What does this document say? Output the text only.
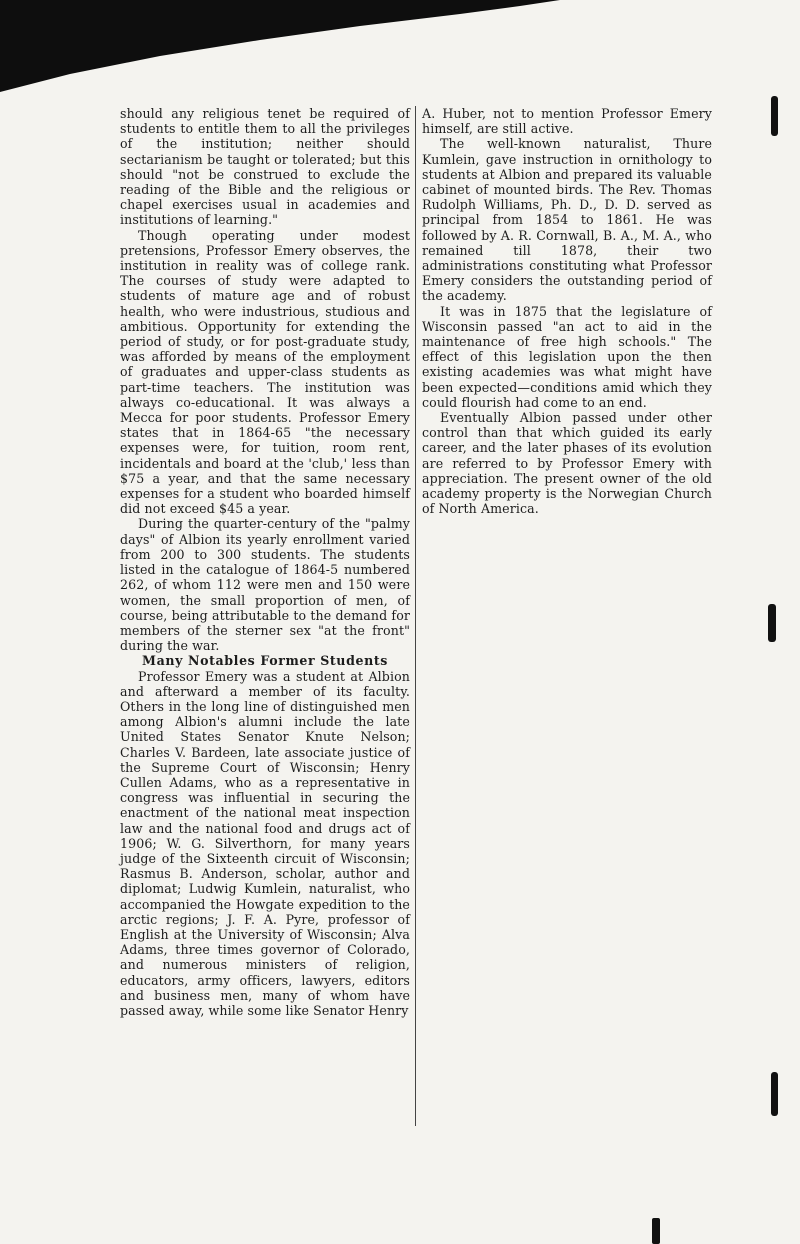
should any religious tenet be required of students to entitle them to all the privileges of the institution; neither should sectarianism be taught or tolerated; but this should "not be construed to exclude the reading of the Bible and the religious or chapel exercises usual in academies and institutions of learning."

Though operating under modest pretensions, Professor Emery observes, the institution in reality was of college rank. The courses of study were adapted to students of mature age and of robust health, who were industrious, studious and ambitious. Opportunity for extending the period of study, or for post-graduate study, was afforded by means of the employment of graduates and upper-class students as part-time teachers. The institution was always co-educational. It was always a Mecca for poor students. Professor Emery states that in 1864-65 "the necessary expenses were, for tuition, room rent, incidentals and board at the 'club,' less than $75 a year, and that the same necessary expenses for a student who boarded himself did not exceed $45 a year.

During the quarter-century of the "palmy days" of Albion its yearly enrollment varied from 200 to 300 students. The students listed in the catalogue of 1864-5 numbered 262, of whom 112 were men and 150 were women, the small proportion of men, of course, being attributable to the demand for members of the sterner sex "at the front" during the war.

Many Notables Former Students

Professor Emery was a student at Albion and afterward a member of its faculty. Others in the long line of distinguished men among Albion's alumni include the late United States Senator Knute Nelson; Charles V. Bardeen, late associate justice of the Supreme Court of Wisconsin; Henry Cullen Adams, who as a representative in congress was influential in securing the enactment of the national meat inspection law and the national food and drugs act of 1906; W. G. Silverthorn, for many years judge of the Sixteenth circuit of Wisconsin; Rasmus B. Anderson, scholar, author and diplomat; Ludwig Kumlein, naturalist, who accompanied the Howgate expedition to the arctic regions; J. F. A. Pyre, professor of English at the University of Wisconsin; Alva Adams, three times governor of Colorado, and numerous ministers of religion, educators, army officers, lawyers, editors and business men, many of whom have passed away, while some like Senator Henry

A. Huber, not to mention Professor Emery himself, are still active.

The well-known naturalist, Thure Kumlein, gave instruction in ornithology to students at Albion and prepared its valuable cabinet of mounted birds. The Rev. Thomas Rudolph Williams, Ph. D., D. D. served as principal from 1854 to 1861. He was followed by A. R. Cornwall, B. A., M. A., who remained till 1878, their two administrations constituting what Professor Emery considers the outstanding period of the academy.

It was in 1875 that the legislature of Wisconsin passed "an act to aid in the maintenance of free high schools." The effect of this legislation upon the then existing academies was what might have been expected—conditions amid which they could flourish had come to an end.

Eventually Albion passed under other control than that which guided its early career, and the later phases of its evolution are referred to by Professor Emery with appreciation. The present owner of the old academy property is the Norwegian Church of North America.
